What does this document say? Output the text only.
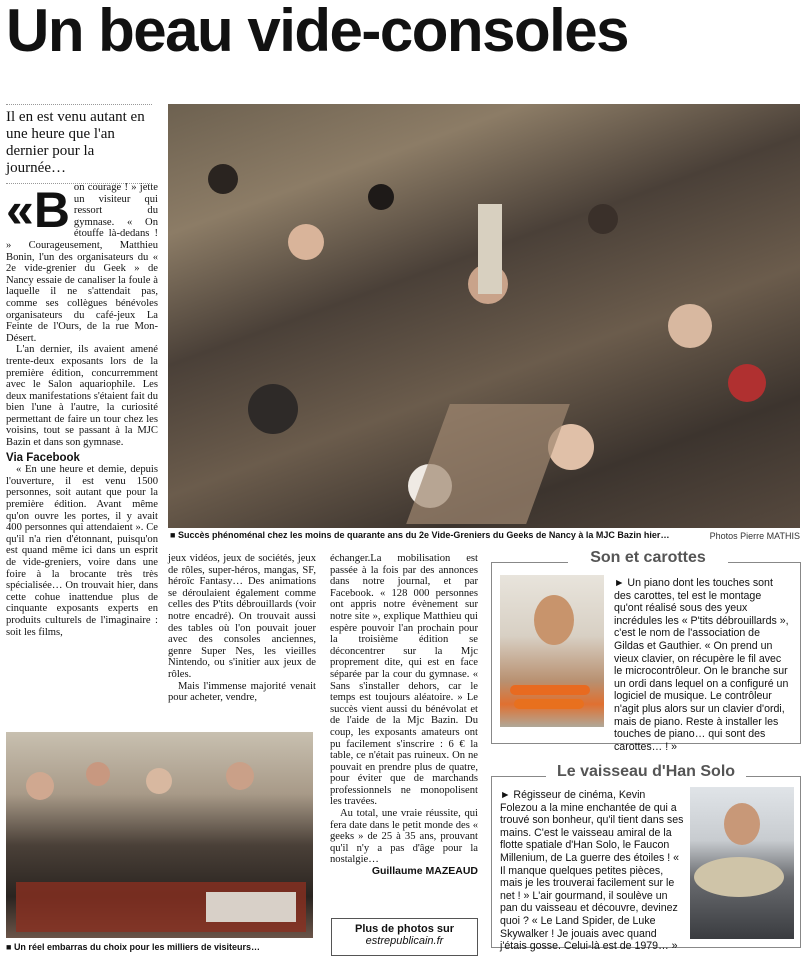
Un beau vide-consoles
Il en est venu autant en une heure que l'an dernier pour la journée…
«B on courage ! » jette un visiteur qui ressort du gymnase. « On étouffe là-dedans ! » Courageusement, Matthieu Bonin, l'un des organisateurs du « 2e vide-grenier du Geek » de Nancy essaie de canaliser la foule à laquelle il ne s'attendait pas, comme ses collègues bénévoles organisateurs du café-jeux La Feinte de l'Ours, de la rue Mon-Désert.

L'an dernier, ils avaient amené trente-deux exposants lors de la première édition, concurremment avec le Salon aquariophile. Les deux manifestations s'étaient fait du bien l'une à l'autre, la curiosité permettant de faire un tour chez les voisins, tout se passant à la MJC Bazin et dans son gymnase.

Via Facebook

« En une heure et demie, depuis l'ouverture, il est venu 1500 personnes, soit autant que pour la première édition. Avant même qu'on ouvre les portes, il y avait 400 personnes qui attendaient ». Ce qu'il n'a rien d'étonnant, puisqu'on est quand même ici dans un esprit de vide-greniers, voire dans une foire à la brocante très très spécialisée… On trouvait hier, dans cette cohue inattendue plus de cinquante exposants experts en produits culturels de l'imaginaire : soit les films,

■ Succès phénoménal chez les moins de quarante ans du 2e Vide-Greniers du Geeks de Nancy à la MJC Bazin hier…	Photos Pierre MATHIS

jeux vidéos, jeux de sociétés, jeux de rôles, super-héros, mangas, SF, héroïc Fantasy… Des animations se déroulaient également comme celles des P'tits débrouillards (voir notre encadré). On trouvait aussi des tables où l'on pouvait jouer avec des consoles anciennes, genre Super Nes, les vieilles Nintendo, ou s'initier aux jeux de rôles.

Mais l'immense majorité venait pour acheter, vendre,

échanger.La mobilisation est passée à la fois par des annonces dans notre journal, et par Facebook. « 128 000 personnes ont appris notre évènement sur notre site », explique Matthieu qui espère pouvoir l'an prochain pour la troisième édition se déconcentrer sur la Mjc proprement dite, qui est en face séparée par la cour du gymnase. « Sans s'installer dehors, car le temps est toujours aléatoire. » Le succès vient aussi du bénévolat et de l'aide de la Mjc Bazin. Du coup, les exposants amateurs ont pu facilement s'inscrire : 6 € la table, ce n'était pas ruineux. On ne pouvait en prendre plus de quatre, pour éviter que de marchands professionnels ne monopolisent les travées.

Au total, une vraie réussite, qui fera date dans le petit monde des « geeks » de 25 à 35 ans, prouvant qu'il n'y a pas d'âge pour la nostalgie…

Guillaume MAZEAUD
■ Un réel embarras du choix pour les milliers de visiteurs…
Plus de photos sur
estrepublicain.fr
► Un piano dont les touches sont des carottes, tel est le montage qu'ont réalisé sous des yeux incrédules les « P'tits débrouillards », c'est le nom de l'association de Gildas et Gauthier. « On prend un vieux clavier, on récupère le fil avec le microcontrôleur. On le branche sur un ordi dans lequel on a configuré un logiciel de musique. Le contrôleur n'agit plus alors sur un clavier d'ordi, mais de piano. Reste à installer les touches de piano… qui sont des carottes… ! »
Son et carottes
► Régisseur de cinéma, Kevin Folezou a la mine enchantée de qui a trouvé son bonheur, qu'il tient dans ses mains. C'est le vaisseau amiral de la flotte spatiale d'Han Solo, le Faucon Millenium, de La guerre des étoiles ! « Il manque quelques petites pièces, mais je les trouverai facilement sur le net ! » L'air gourmand, il soulève un pan du vaisseau et découvre, devinez quoi ? « Le Land Spider, de Luke Skywalker ! Je jouais avec quand j'étais gosse. Celui-là est de 1979… »
Le vaisseau d'Han Solo
